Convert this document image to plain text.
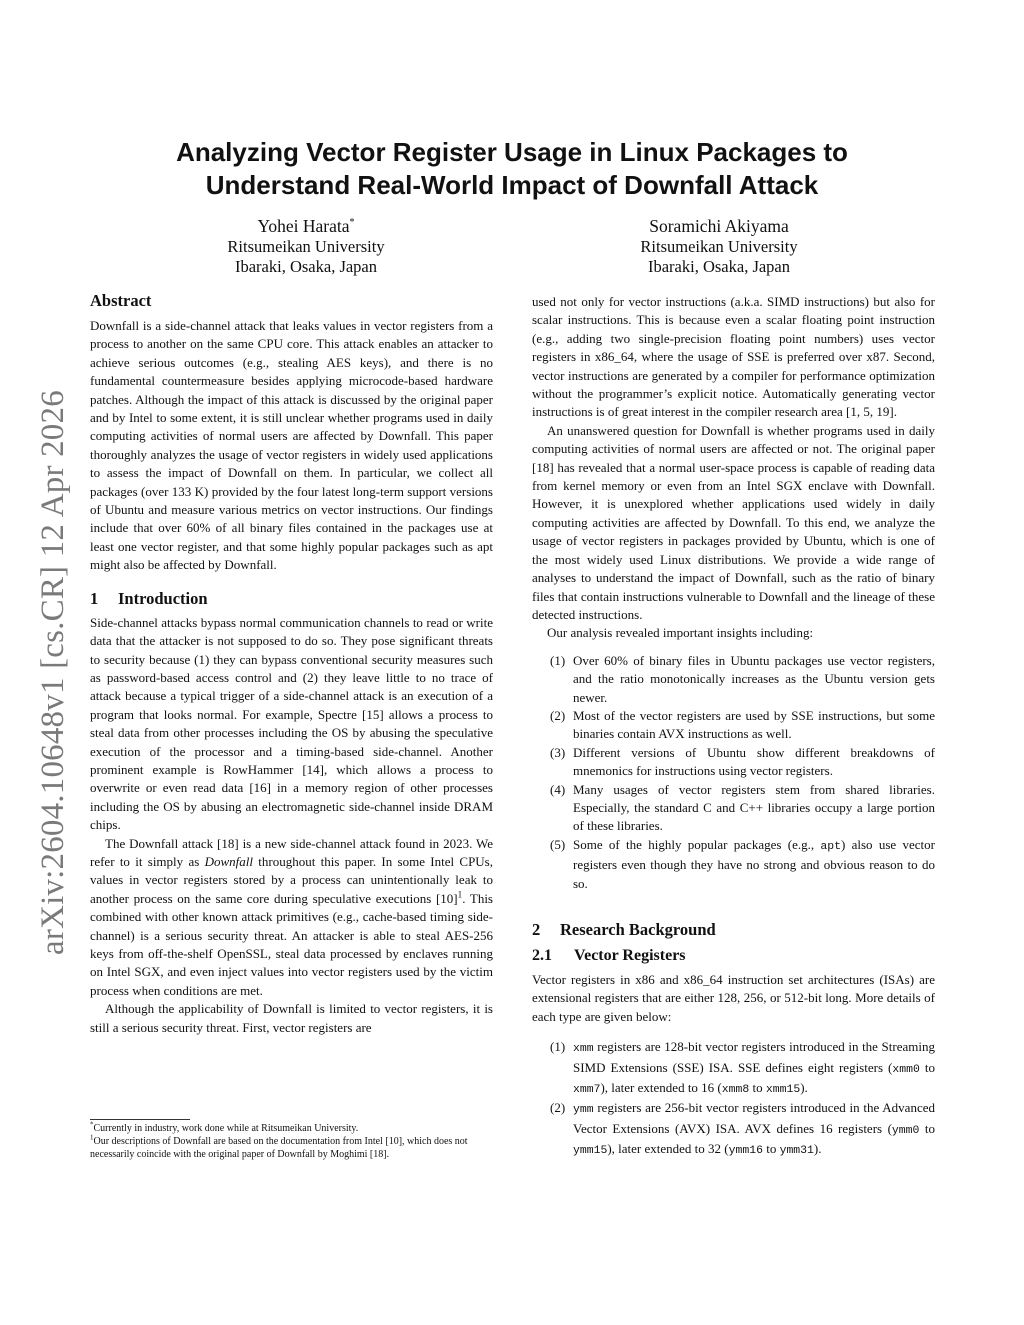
Analyzing Vector Register Usage in Linux Packages to
Understand Real-World Impact of Downfall Attack
Yohei Harata*
Ritsumeikan University
Ibaraki, Osaka, Japan
Soramichi Akiyama
Ritsumeikan University
Ibaraki, Osaka, Japan
arXiv:2604.10648v1 [cs.CR] 12 Apr 2026
Abstract

Downfall is a side-channel attack that leaks values in vector registers from a process to another on the same CPU core. This attack enables an attacker to achieve serious outcomes (e.g., stealing AES keys), and there is no fundamental countermeasure besides applying microcode-based hardware patches. Although the impact of this attack is discussed by the original paper and by Intel to some extent, it is still unclear whether programs used in daily computing activities of normal users are affected by Downfall. This paper thoroughly analyzes the usage of vector registers in widely used applications to assess the impact of Downfall on them. In particular, we collect all packages (over 133 K) provided by the four latest long-term support versions of Ubuntu and measure various metrics on vector instructions. Our findings include that over 60% of all binary files contained in the packages use at least one vector register, and that some highly popular packages such as apt might also be affected by Downfall.

1 Introduction

Side-channel attacks bypass normal communication channels to read or write data that the attacker is not supposed to do so. They pose significant threats to security because (1) they can bypass conventional security measures such as password-based access control and (2) they leave little to no trace of attack because a typical trigger of a side-channel attack is an execution of a program that looks normal. For example, Spectre [15] allows a process to steal data from other processes including the OS by abusing the speculative execution of the processor and a timing-based side-channel. Another prominent example is RowHammer [14], which allows a process to overwrite or even read data [16] in a memory region of other processes including the OS by abusing an electromagnetic side-channel inside DRAM chips.

The Downfall attack [18] is a new side-channel attack found in 2023. We refer to it simply as Downfall throughout this paper. In some Intel CPUs, values in vector registers stored by a process can unintentionally leak to another process on the same core during speculative executions $[10]^1$. This combined with other known attack primitives (e.g., cache-based timing side-channel) is a serious security threat. An attacker is able to steal AES-256 keys from off-the-shelf OpenSSL, steal data processed by enclaves running on Intel SGX, and even inject values into vector registers used by the victim process when conditions are met.

Although the applicability of Downfall is limited to vector registers, it is still a serious security threat. First, vector registers are

*Currently in industry, work done while at Ritsumeikan University.

$^1$Our descriptions of Downfall are based on the documentation from Intel [10], which does not necessarily coincide with the original paper of Downfall by Moghimi [18].

used not only for vector instructions (a.k.a. SIMD instructions) but also for scalar instructions. This is because even a scalar floating point instruction (e.g., adding two single-precision floating point numbers) uses vector registers in x86_64, where the usage of SSE is preferred over x87. Second, vector instructions are generated by a compiler for performance optimization without the programmer’s explicit notice. Automatically generating vector instructions is of great interest in the compiler research area [1, 5, 19].

An unanswered question for Downfall is whether programs used in daily computing activities of normal users are affected or not. The original paper [18] has revealed that a normal user-space process is capable of reading data from kernel memory or even from an Intel SGX enclave with Downfall. However, it is unexplored whether applications used widely in daily computing activities are affected by Downfall. To this end, we analyze the usage of vector registers in packages provided by Ubuntu, which is one of the most widely used Linux distributions. We provide a wide range of analyses to understand the impact of Downfall, such as the ratio of binary files that contain instructions vulnerable to Downfall and the lineage of these detected instructions.

Our analysis revealed important insights including:

(1) Over 60% of binary files in Ubuntu packages use vector registers, and the ratio monotonically increases as the Ubuntu version gets newer.
(2) Most of the vector registers are used by SSE instructions, but some binaries contain AVX instructions as well.
(3) Different versions of Ubuntu show different breakdowns of mnemonics for instructions using vector registers.
(4) Many usages of vector registers stem from shared libraries. Especially, the standard C and C++ libraries occupy a large portion of these libraries.
(5) Some of the highly popular packages (e.g., apt) also use vector registers even though they have no strong and obvious reason to do so.
2 Research Background
2.1 Vector Registers

Vector registers in x86 and x86_64 instruction set architectures (ISAs) are extensional registers that are either 128, 256, or 512-bit long. More details of each type are given below:

(1) xmm registers are 128-bit vector registers introduced in the Streaming SIMD Extensions (SSE) ISA. SSE defines eight registers (xmm0 to xmm7), later extended to 16 (xmm8 to xmm15).
(2) ymm registers are 256-bit vector registers introduced in the Advanced Vector Extensions (AVX) ISA. AVX defines 16 registers (ymm0 to ymm15), later extended to 32 (ymm16 to ymm31).
